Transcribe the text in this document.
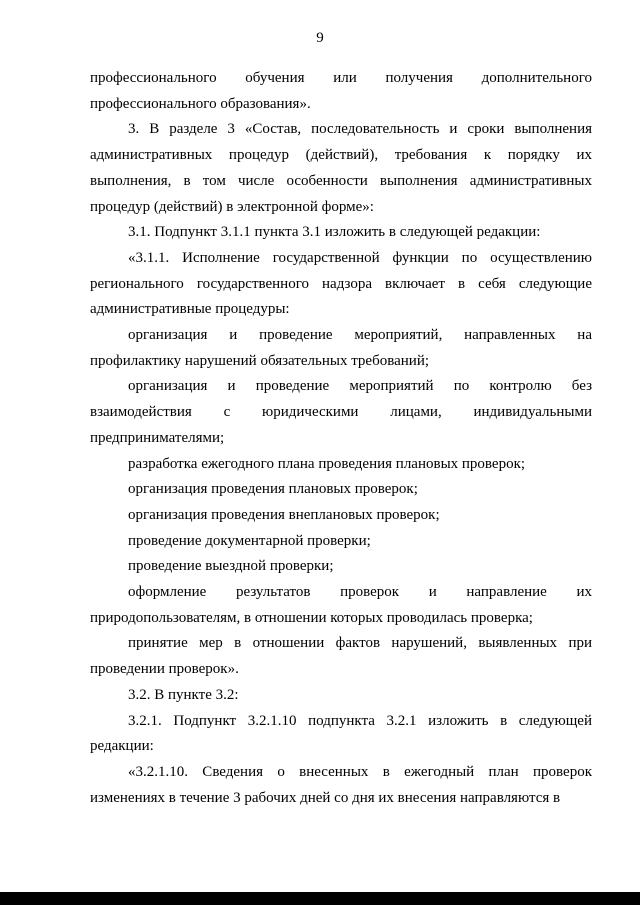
9

профессионального обучения или получения дополнительного профессионального образования».

3. В разделе 3 «Состав, последовательность и сроки выполнения административных процедур (действий), требования к порядку их выполнения, в том числе особенности выполнения административных процедур (действий) в электронной форме»:

3.1. Подпункт 3.1.1 пункта 3.1 изложить в следующей редакции:

«3.1.1. Исполнение государственной функции по осуществлению регионального государственного надзора включает в себя следующие административные процедуры:

организация и проведение мероприятий, направленных на профилактику нарушений обязательных требований;

организация и проведение мероприятий по контролю без взаимодействия с юридическими лицами, индивидуальными предпринимателями;

разработка ежегодного плана проведения плановых проверок;

организация проведения плановых проверок;

организация проведения внеплановых проверок;

проведение документарной проверки;

проведение выездной проверки;

оформление результатов проверок и направление их природопользователям, в отношении которых проводилась проверка;

принятие мер в отношении фактов нарушений, выявленных при проведении проверок».

3.2. В пункте 3.2:

3.2.1. Подпункт 3.2.1.10 подпункта 3.2.1 изложить в следующей редакции:

«3.2.1.10. Сведения о внесенных в ежегодный план проверок изменениях в течение 3 рабочих дней со дня их внесения направляются в
